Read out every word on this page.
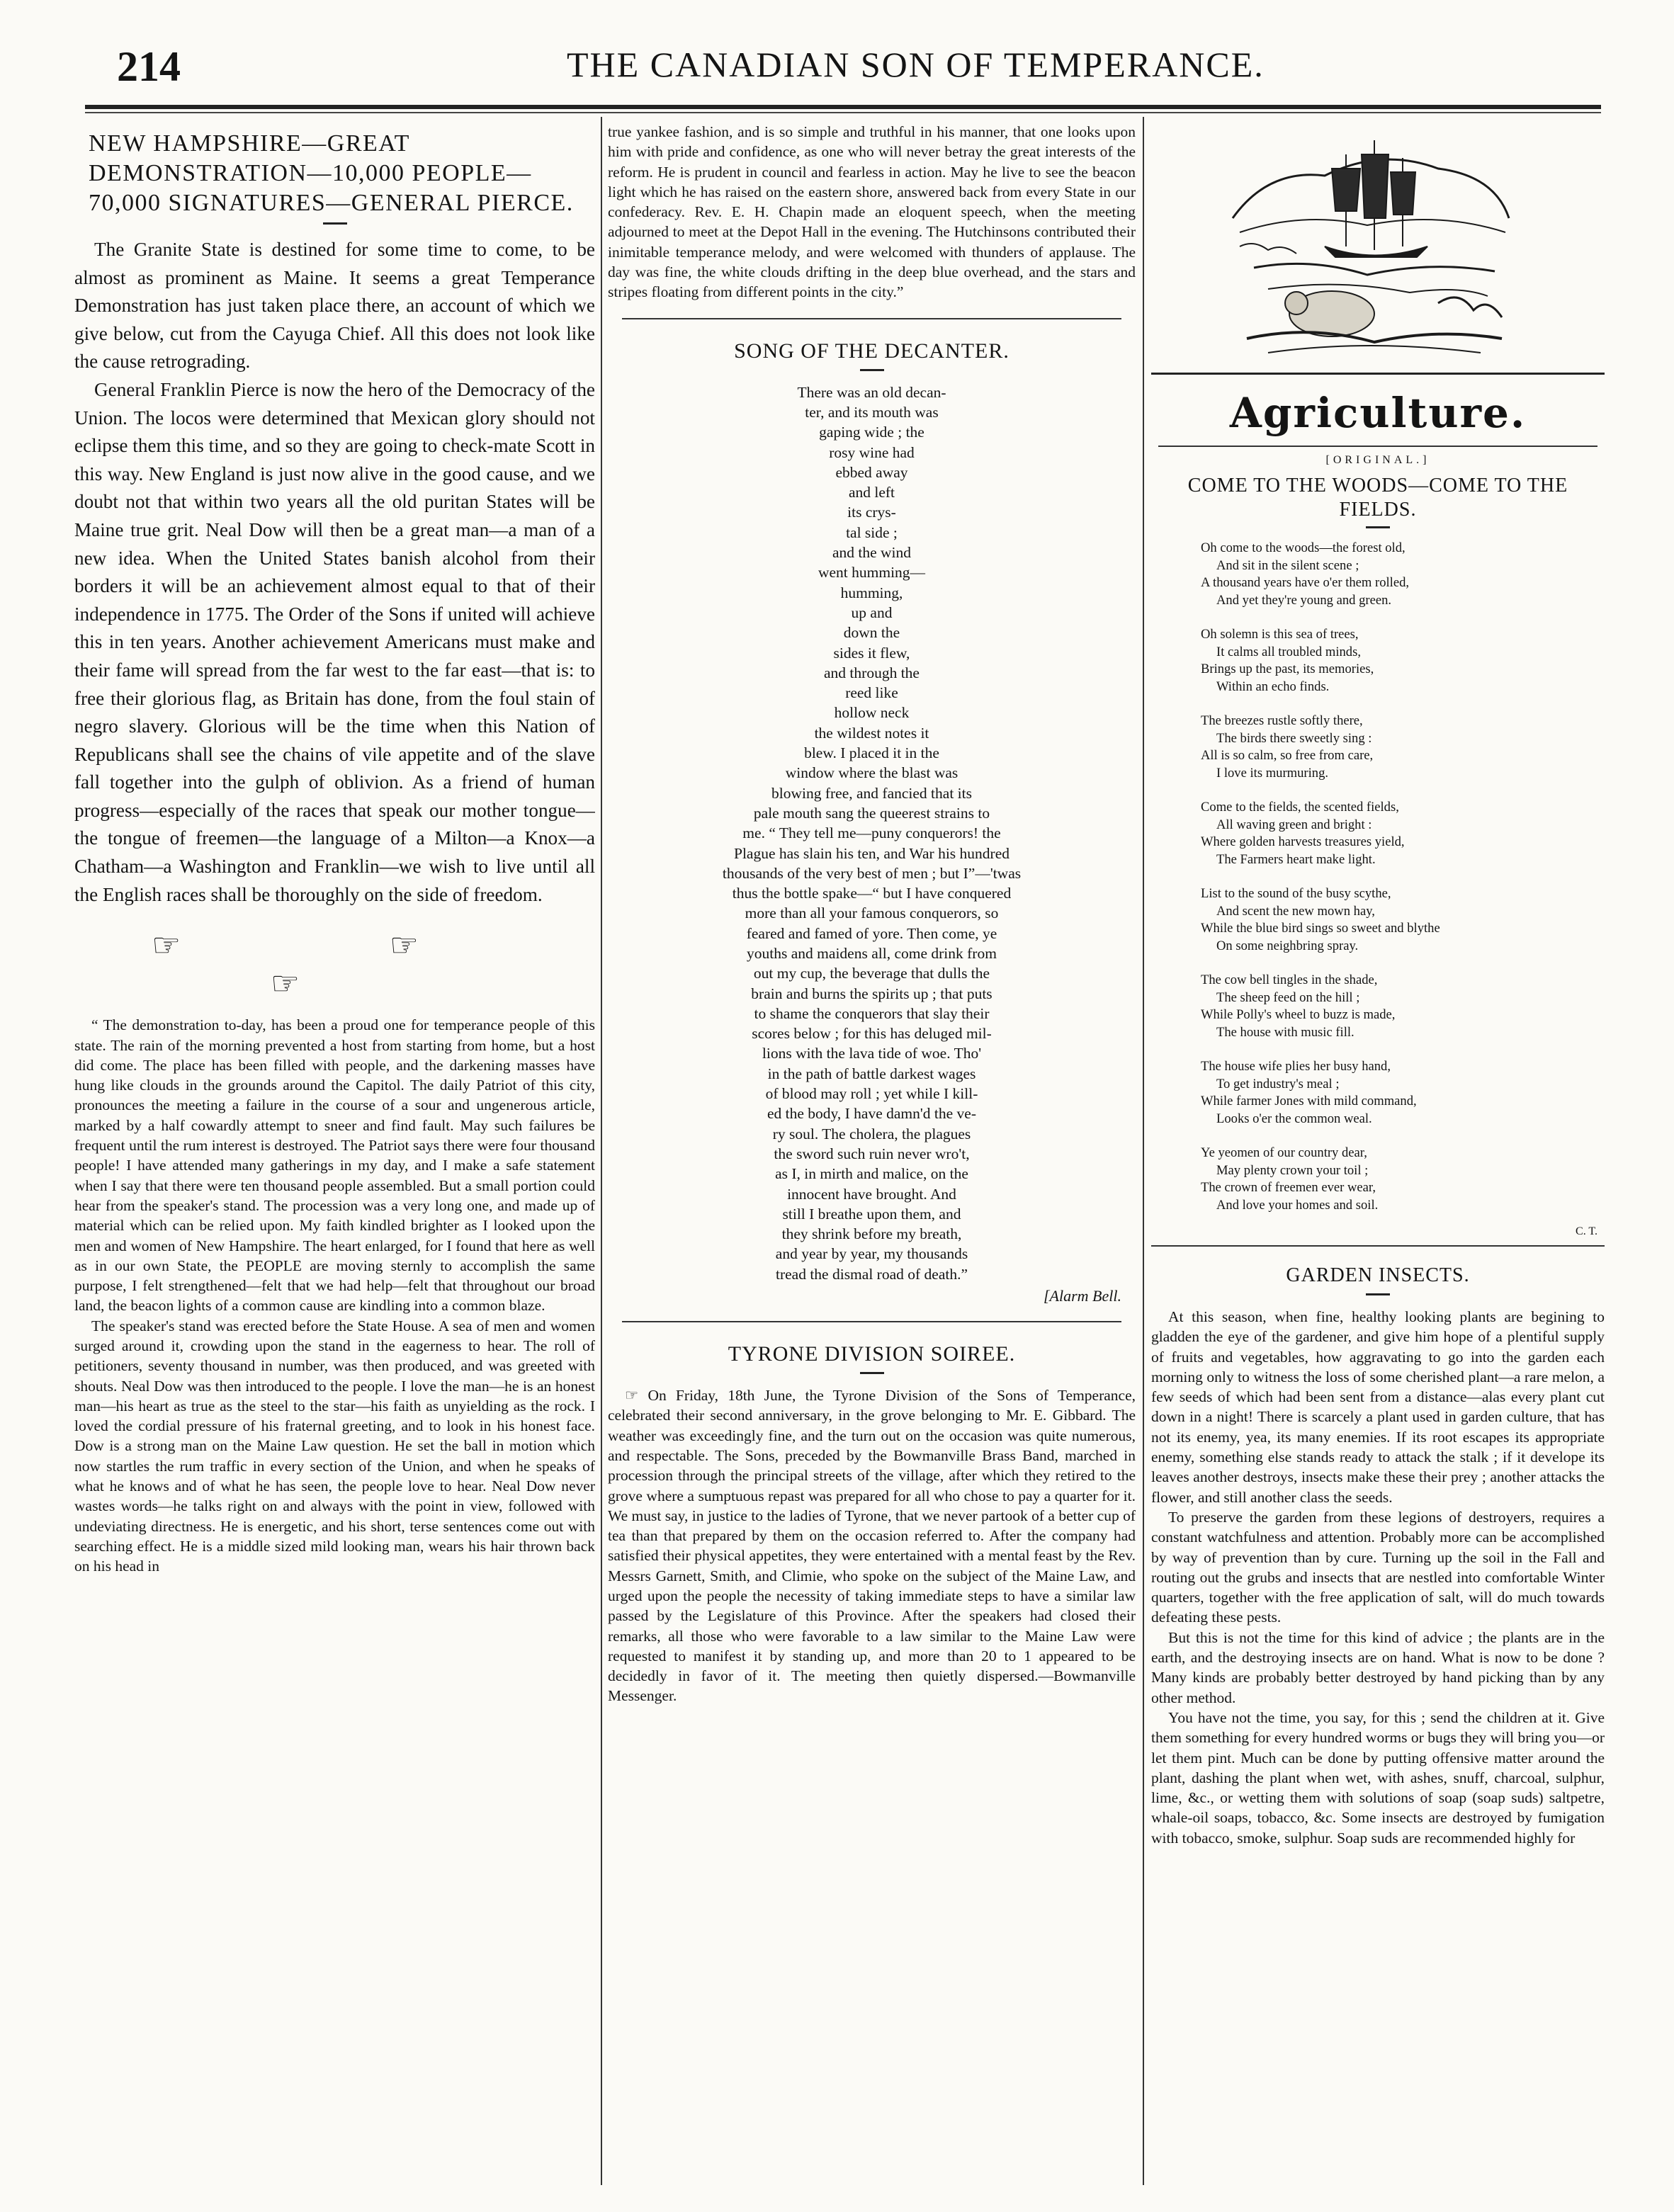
214	THE CANADIAN SON OF TEMPERANCE.
NEW HAMPSHIRE—GREAT DEMONSTRATION—10,000 PEOPLE—70,000 SIGNATURES—GENERAL PIERCE.

The Granite State is destined for some time to come, to be almost as prominent as Maine. It seems a great Temperance Demonstration has just taken place there, an account of which we give below, cut from the Cayuga Chief. All this does not look like the cause retrograding.

General Franklin Pierce is now the hero of the Democracy of the Union. The locos were determined that Mexican glory should not eclipse them this time, and so they are going to check-mate Scott in this way. New England is just now alive in the good cause, and we doubt not that within two years all the old puritan States will be Maine true grit. Neal Dow will then be a great man—a man of a new idea. When the United States banish alcohol from their borders it will be an achievement almost equal to that of their independence in 1775. The Order of the Sons if united will achieve this in ten years. Another achievement Americans must make and their fame will spread from the far west to the far east—that is: to free their glorious flag, as Britain has done, from the foul stain of negro slavery. Glorious will be the time when this Nation of Republicans shall see the chains of vile appetite and of the slave fall together into the gulph of oblivion. As a friend of human progress—especially of the races that speak our mother tongue—the tongue of freemen—the language of a Milton—a Knox—a Chatham—a Washington and Franklin—we wish to live until all the English races shall be thoroughly on the side of freedom.

☞ ☞ ☞

“ The demonstration to-day, has been a proud one for temperance people of this state. The rain of the morning prevented a host from starting from home, but a host did come. The place has been filled with people, and the darkening masses have hung like clouds in the grounds around the Capitol. The daily Patriot of this city, pronounces the meeting a failure in the course of a sour and ungenerous article, marked by a half cowardly attempt to sneer and find fault. May such failures be frequent until the rum interest is destroyed. The Patriot says there were four thousand people! I have attended many gatherings in my day, and I make a safe statement when I say that there were ten thousand people assembled. But a small portion could hear from the speaker's stand. The procession was a very long one, and made up of material which can be relied upon. My faith kindled brighter as I looked upon the men and women of New Hampshire. The heart enlarged, for I found that here as well as in our own State, the PEOPLE are moving sternly to accomplish the same purpose, I felt strengthened—felt that we had help—felt that throughout our broad land, the beacon lights of a common cause are kindling into a common blaze.

The speaker's stand was erected before the State House. A sea of men and women surged around it, crowding upon the stand in the eagerness to hear. The roll of petitioners, seventy thousand in number, was then produced, and was greeted with shouts. Neal Dow was then introduced to the people. I love the man—he is an honest man—his heart as true as the steel to the star—his faith as unyielding as the rock. I loved the cordial pressure of his fraternal greeting, and to look in his honest face. Dow is a strong man on the Maine Law question. He set the ball in motion which now startles the rum traffic in every section of the Union, and when he speaks of what he knows and of what he has seen, the people love to hear. Neal Dow never wastes words—he talks right on and always with the point in view, followed with undeviating directness. He is energetic, and his short, terse sentences come out with searching effect. He is a middle sized mild looking man, wears his hair thrown back on his head in

true yankee fashion, and is so simple and truthful in his manner, that one looks upon him with pride and confidence, as one who will never betray the great interests of the reform. He is prudent in council and fearless in action. May he live to see the beacon light which he has raised on the eastern shore, answered back from every State in our confederacy. Rev. E. H. Chapin made an eloquent speech, when the meeting adjourned to meet at the Depot Hall in the evening. The Hutchinsons contributed their inimitable temperance melody, and were welcomed with thunders of applause. The day was fine, the white clouds drifting in the deep blue overhead, and the stars and stripes floating from different points in the city.”

SONG OF THE DECANTER.
There was an old decan-
ter, and its mouth was
gaping wide ; the
rosy wine had
ebbed away
and left
its crys-
tal side ;
and the wind
went humming—
humming,
up and
down the
sides it flew,
and through the
reed like
hollow neck
the wildest notes it
blew. I placed it in the
window where the blast was
blowing free, and fancied that its
pale mouth sang the queerest strains to
me. “ They tell me—puny conquerors! the
Plague has slain his ten, and War his hundred
thousands of the very best of men ; but I”—'twas
thus the bottle spake—“ but I have conquered
more than all your famous conquerors, so
feared and famed of yore. Then come, ye
youths and maidens all, come drink from
out my cup, the beverage that dulls the
brain and burns the spirits up ; that puts
to shame the conquerors that slay their
scores below ; for this has deluged mil-
lions with the lava tide of woe. Tho'
in the path of battle darkest wages
of blood may roll ; yet while I kill-
ed the body, I have damn'd the ve-
ry soul. The cholera, the plagues
the sword such ruin never wro't,
as I, in mirth and malice, on the
innocent have brought. And
still I breathe upon them, and
they shrink before my breath,
and year by year, my thousands
tread the dismal road of death.”
[Alarm Bell.
TYRONE DIVISION SOIREE.

☞ On Friday, 18th June, the Tyrone Division of the Sons of Temperance, celebrated their second anniversary, in the grove belonging to Mr. E. Gibbard. The weather was exceedingly fine, and the turn out on the occasion was quite numerous, and respectable. The Sons, preceded by the Bowmanville Brass Band, marched in procession through the principal streets of the village, after which they retired to the grove where a sumptuous repast was prepared for all who chose to pay a quarter for it. We must say, in justice to the ladies of Tyrone, that we never partook of a better cup of tea than that prepared by them on the occasion referred to. After the company had satisfied their physical appetites, they were entertained with a mental feast by the Rev. Messrs Garnett, Smith, and Climie, who spoke on the subject of the Maine Law, and urged upon the people the necessity of taking immediate steps to have a similar law passed by the Legislature of this Province. After the speakers had closed their remarks, all those who were favorable to a law similar to the Maine Law were requested to manifest it by standing up, and more than 20 to 1 appeared to be decidedly in favor of it. The meeting then quietly dispersed.—Bowmanville Messenger.

Agriculture.
[ORIGINAL.]
COME TO THE WOODS—COME TO THE FIELDS.
Oh come to the woods—the forest old,
And sit in the silent scene ;
A thousand years have o'er them rolled,
And yet they're young and green.
Oh solemn is this sea of trees,
It calms all troubled minds,
Brings up the past, its memories,
Within an echo finds.
The breezes rustle softly there,
The birds there sweetly sing :
All is so calm, so free from care,
I love its murmuring.
Come to the fields, the scented fields,
All waving green and bright :
Where golden harvests treasures yield,
The Farmers heart make light.
List to the sound of the busy scythe,
And scent the new mown hay,
While the blue bird sings so sweet and blythe
On some neighbring spray.
The cow bell tingles in the shade,
The sheep feed on the hill ;
While Polly's wheel to buzz is made,
The house with music fill.
The house wife plies her busy hand,
To get industry's meal ;
While farmer Jones with mild command,
Looks o'er the common weal.
Ye yeomen of our country dear,
May plenty crown your toil ;
The crown of freemen ever wear,
And love your homes and soil.
C. T.
GARDEN INSECTS.

At this season, when fine, healthy looking plants are begining to gladden the eye of the gardener, and give him hope of a plentiful supply of fruits and vegetables, how aggravating to go into the garden each morning only to witness the loss of some cherished plant—a rare melon, a few seeds of which had been sent from a distance—alas every plant cut down in a night! There is scarcely a plant used in garden culture, that has not its enemy, yea, its many enemies. If its root escapes its appropriate enemy, something else stands ready to attack the stalk ; if it develope its leaves another destroys, insects make these their prey ; another attacks the flower, and still another class the seeds.

To preserve the garden from these legions of destroyers, requires a constant watchfulness and attention. Probably more can be accomplished by way of prevention than by cure. Turning up the soil in the Fall and routing out the grubs and insects that are nestled into comfortable Winter quarters, together with the free application of salt, will do much towards defeating these pests.

But this is not the time for this kind of advice ; the plants are in the earth, and the destroying insects are on hand. What is now to be done ? Many kinds are probably better destroyed by hand picking than by any other method.

You have not the time, you say, for this ; send the children at it. Give them something for every hundred worms or bugs they will bring you—or let them pint. Much can be done by putting offensive matter around the plant, dashing the plant when wet, with ashes, snuff, charcoal, sulphur, lime, &c., or wetting them with solutions of soap (soap suds) saltpetre, whale-oil soaps, tobacco, &c. Some insects are destroyed by fumigation with tobacco, smoke, sulphur. Soap suds are recommended highly for
